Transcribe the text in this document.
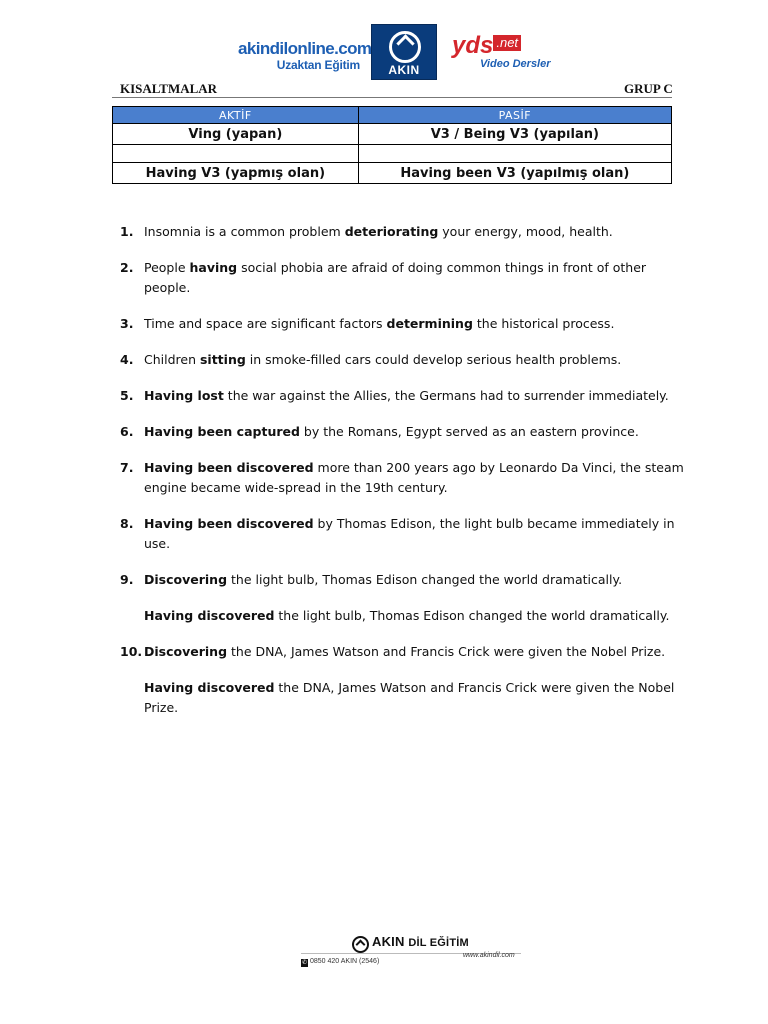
akindilonline.com
Uzaktan Eğitim	AKIN
yds .net
Video Dersler
KISALTMALAR	GRUP C
AKTİF	PASİF
Ving (yapan)	V3 / Being V3 (yapılan)

Having V3 (yapmış olan)	Having been V3 (yapılmış olan)
1. Insomnia is a common problem deteriorating your energy, mood, health.

2. People having social phobia are afraid of doing common things in front of other people.

3. Time and space are significant factors determining the historical process.

4. Children sitting in smoke-filled cars could develop serious health problems.

5. Having lost the war against the Allies, the Germans had to surrender immediately.

6. Having been captured by the Romans, Egypt served as an eastern province.

7. Having been discovered more than 200 years ago by Leonardo Da Vinci, the steam engine became wide-spread in the 19th century.

8. Having been discovered by Thomas Edison, the light bulb became immediately in use.

9. Discovering the light bulb, Thomas Edison changed the world dramatically.

Having discovered the light bulb, Thomas Edison changed the world dramatically.

10. Discovering the DNA, James Watson and Francis Crick were given the Nobel Prize.

Having discovered the DNA, James Watson and Francis Crick were given the Nobel Prize.

AKIN DİL EĞİTİM
✆ 0850 420 AKIN (2546)
www.akindil.com
